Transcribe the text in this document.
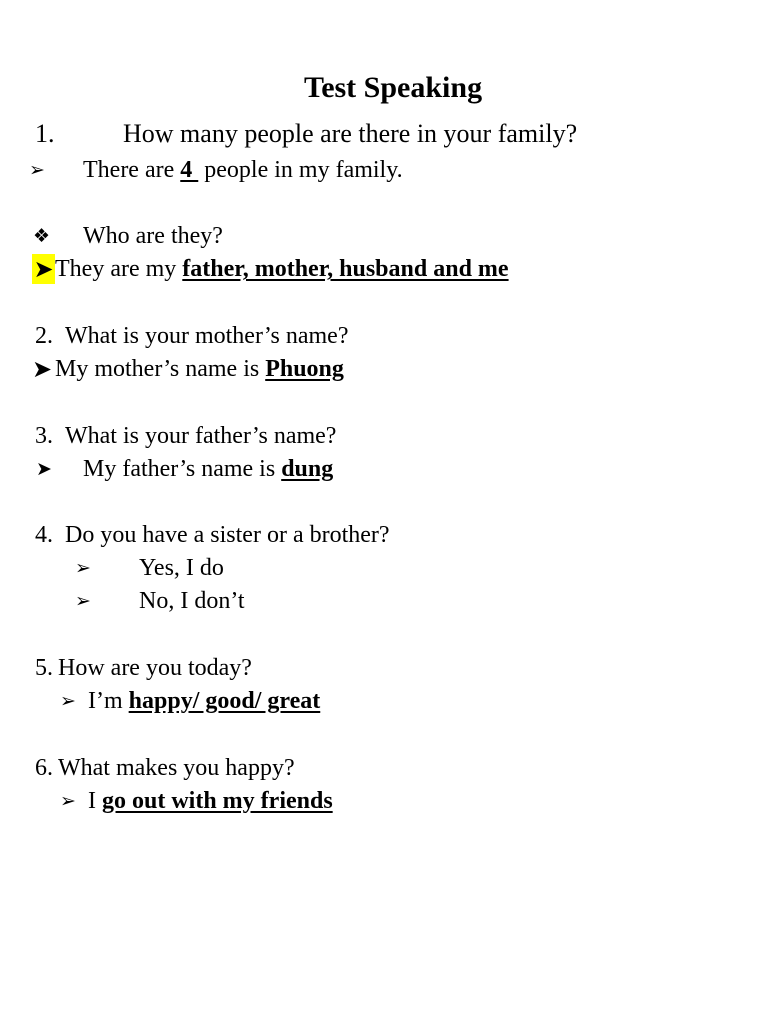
Test Speaking
1.	How many people are there in your family?
➢ There are 4  people in my family.
❖ Who are they?
➤ They are my father, mother, husband and me
2. What is your mother’s name?
➤ My mother’s name is Phuong
3. What is your father’s name?
➤ My father’s name is dung
4. Do you have a sister or a brother?
➢ Yes, I do
➢ No, I don’t
5. How are you today?
➢ I’m happy/ good/ great
6. What makes you happy?
➢ I go out with my friends
